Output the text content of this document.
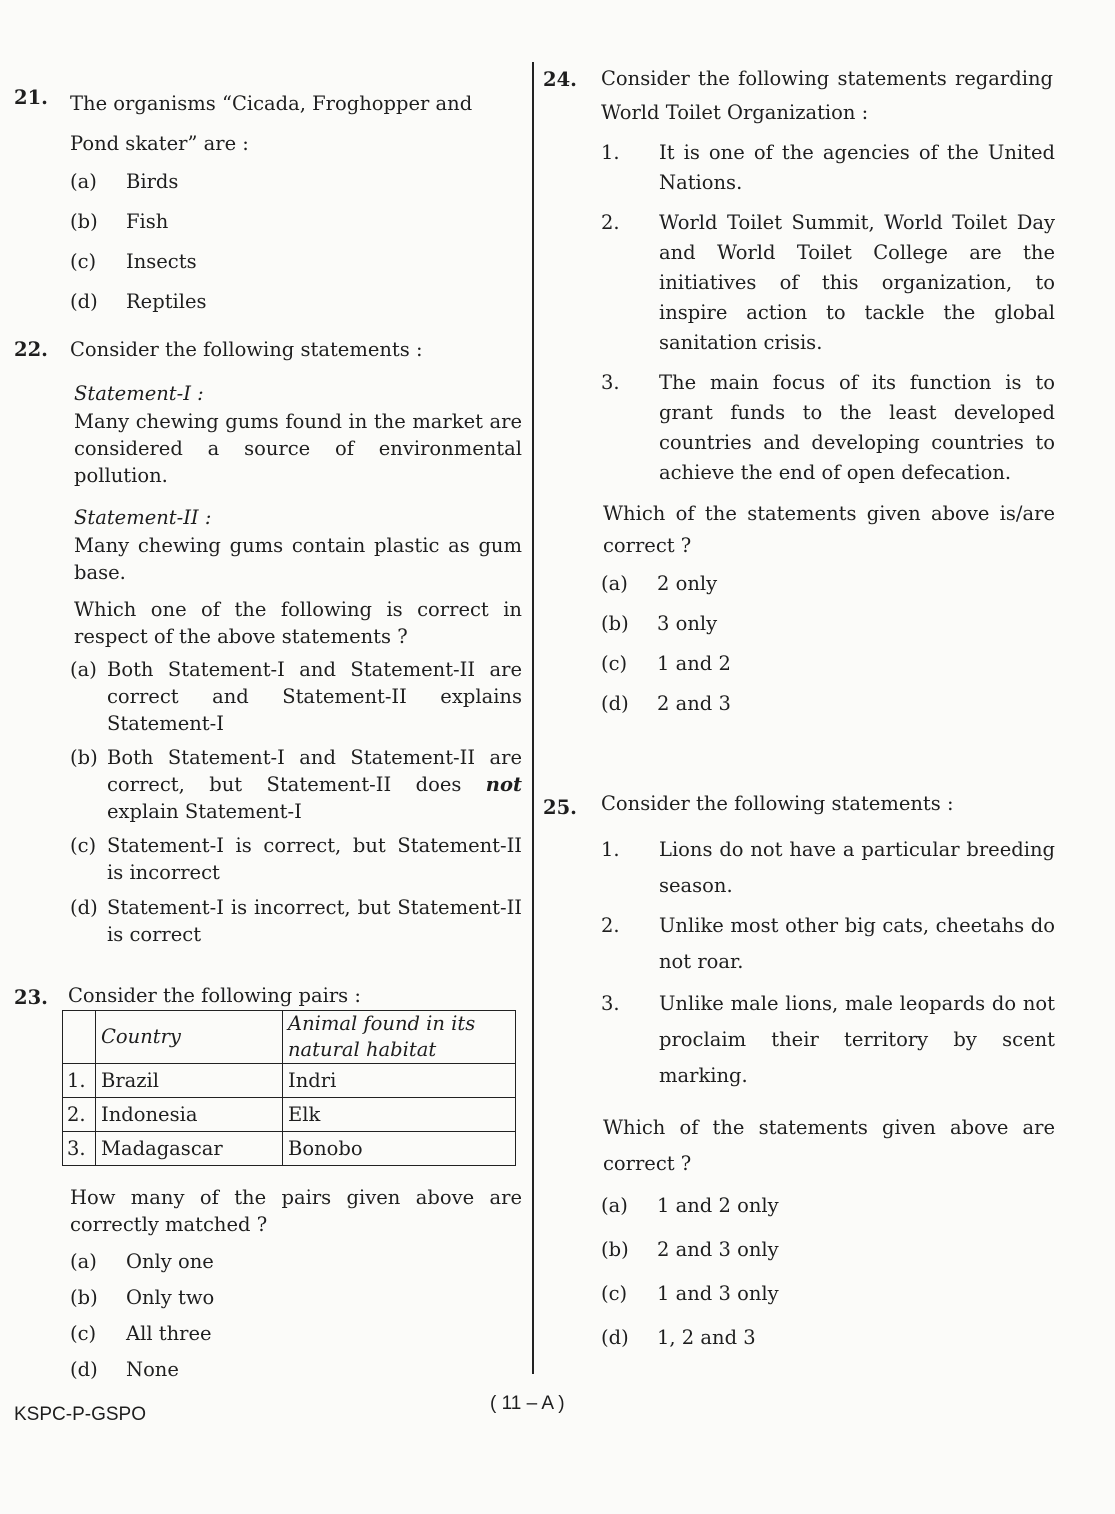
21. The organisms “Cicada, Froghopper and Pond skater” are :
(a) Birds
(b) Fish
(c) Insects
(d) Reptiles
22. Consider the following statements :
Statement-I :
Many chewing gums found in the market are considered a source of environmental pollution.
Statement-II :
Many chewing gums contain plastic as gum base.
Which one of the following is correct in respect of the above statements ?
(a) Both Statement-I and Statement-II are correct and Statement-II explains Statement-I
(b) Both Statement-I and Statement-II are correct, but Statement-II does not explain Statement-I
(c) Statement-I is correct, but Statement-II is incorrect
(d) Statement-I is incorrect, but Statement-II is correct
23. Consider the following pairs :
	Country	Animal found in its natural habitat
1.	Brazil	Indri
2.	Indonesia	Elk
3.	Madagascar	Bonobo
How many of the pairs given above are correctly matched ?
(a) Only one
(b) Only two
(c) All three
(d) None
24. Consider the following statements regarding World Toilet Organization :
1. It is one of the agencies of the United Nations.
2. World Toilet Summit, World Toilet Day and World Toilet College are the initiatives of this organization, to inspire action to tackle the global sanitation crisis.
3. The main focus of its function is to grant funds to the least developed countries and developing countries to achieve the end of open defecation.
Which of the statements given above is/are correct ?
(a) 2 only
(b) 3 only
(c) 1 and 2
(d) 2 and 3
25. Consider the following statements :
1. Lions do not have a particular breeding season.
2. Unlike most other big cats, cheetahs do not roar.
3. Unlike male lions, male leopards do not proclaim their territory by scent marking.
Which of the statements given above are correct ?
(a) 1 and 2 only
(b) 2 and 3 only
(c) 1 and 3 only
(d) 1, 2 and 3
KSPC-P-GSPO
( 11 – A )
